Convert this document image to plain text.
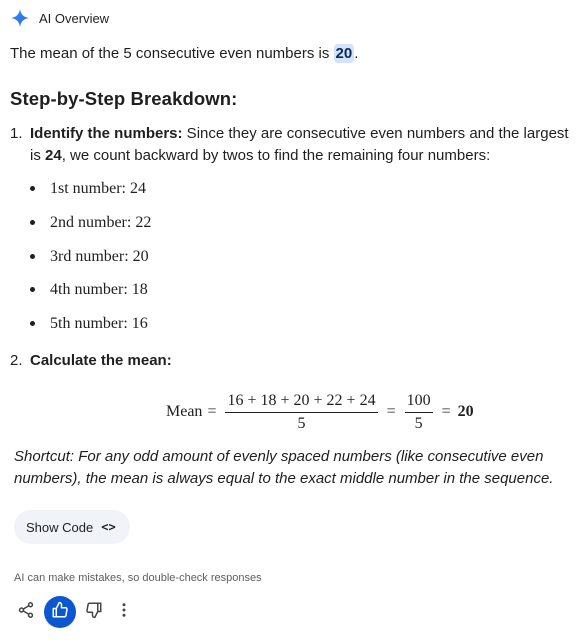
AI Overview
The mean of the 5 consecutive even numbers is 20 .
Step-by-Step Breakdown:
1. Identify the numbers: Since they are consecutive even numbers and the largest is 24, we count backward by twos to find the remaining four numbers:
1st number: 24
2nd number: 22
3rd number: 20
4th number: 18
5th number: 16
2. Calculate the mean:
Mean = $\frac{16 + 18 + 20 + 22 + 24}{5} = \frac{100}{5} = 20$
Shortcut: For any odd amount of evenly spaced numbers (like consecutive even numbers), the mean is always equal to the exact middle number in the sequence.
Show Code <>
AI can make mistakes, so double-check responses
